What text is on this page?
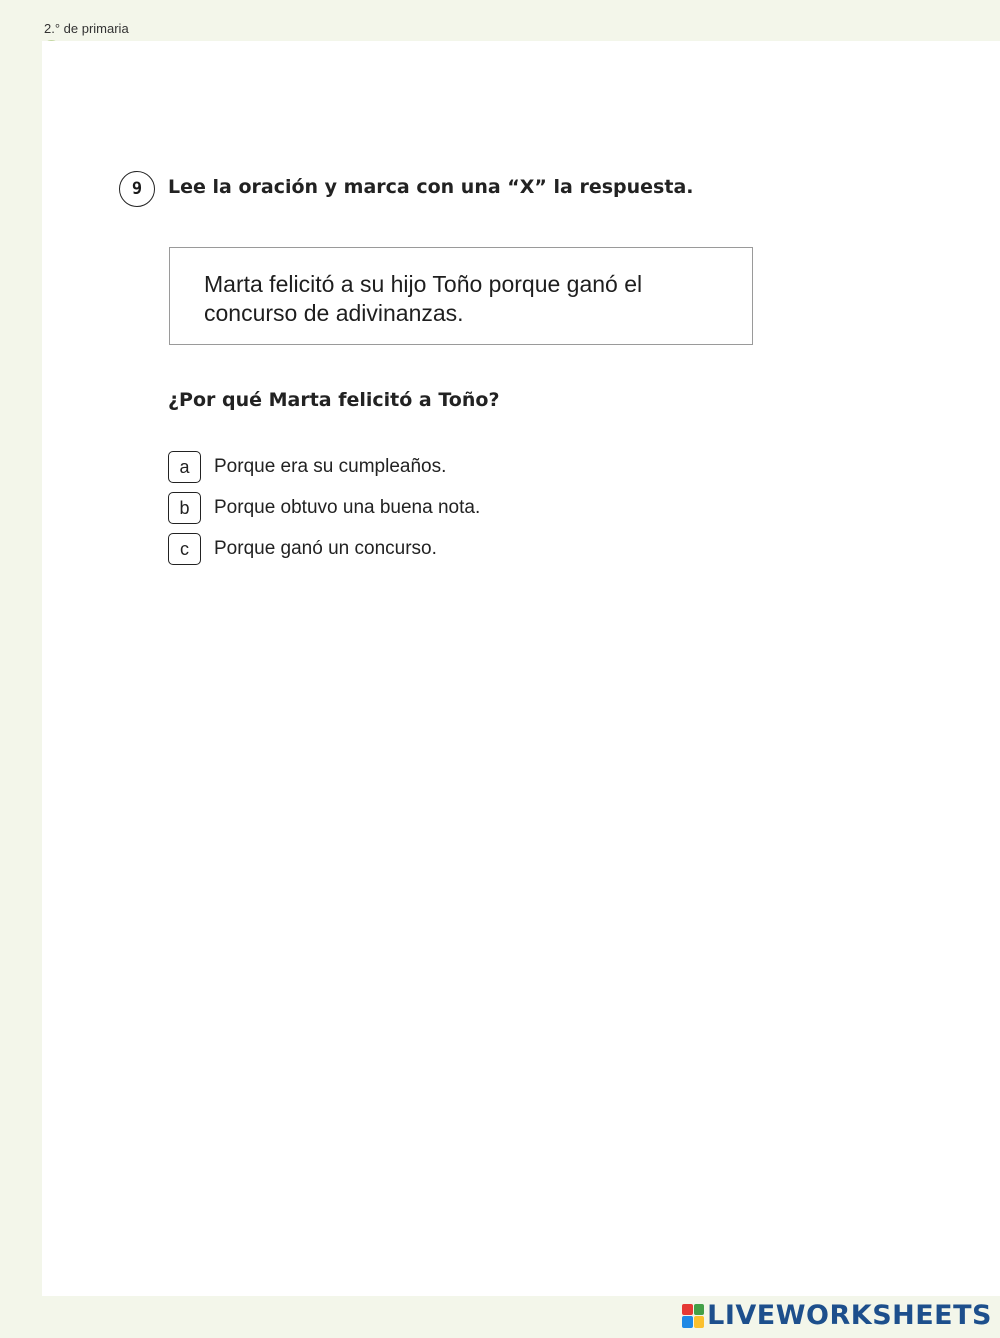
2.° de primaria
9	Lee la oración y marca con una “X” la respuesta.
Marta felicitó a su hijo Toño porque ganó el concurso de adivinanzas.
¿Por qué Marta felicitó a Toño?
a	Porque era su cumpleaños.
b	Porque obtuvo una buena nota.
c	Porque ganó un concurso.
LIVEWORKSHEETS
